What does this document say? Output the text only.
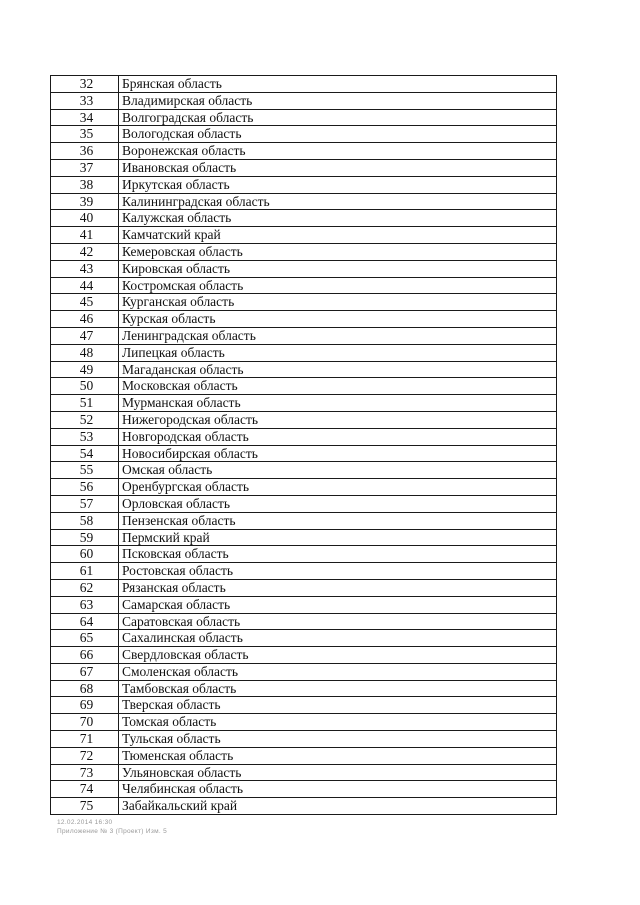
32	Брянская область
33	Владимирская область
34	Волгоградская область
35	Вологодская область
36	Воронежская область
37	Ивановская область
38	Иркутская область
39	Калининградская область
40	Калужская область
41	Камчатский край
42	Кемеровская область
43	Кировская область
44	Костромская область
45	Курганская область
46	Курская область
47	Ленинградская область
48	Липецкая область
49	Магаданская область
50	Московская область
51	Мурманская область
52	Нижегородская область
53	Новгородская область
54	Новосибирская область
55	Омская область
56	Оренбургская область
57	Орловская область
58	Пензенская область
59	Пермский край
60	Псковская область
61	Ростовская область
62	Рязанская область
63	Самарская область
64	Саратовская область
65	Сахалинская область
66	Свердловская область
67	Смоленская область
68	Тамбовская область
69	Тверская область
70	Томская область
71	Тульская область
72	Тюменская область
73	Ульяновская область
74	Челябинская область
75	Забайкальский край
12.02.2014 16:30
Приложение № 3 (Проект) Изм. 5
